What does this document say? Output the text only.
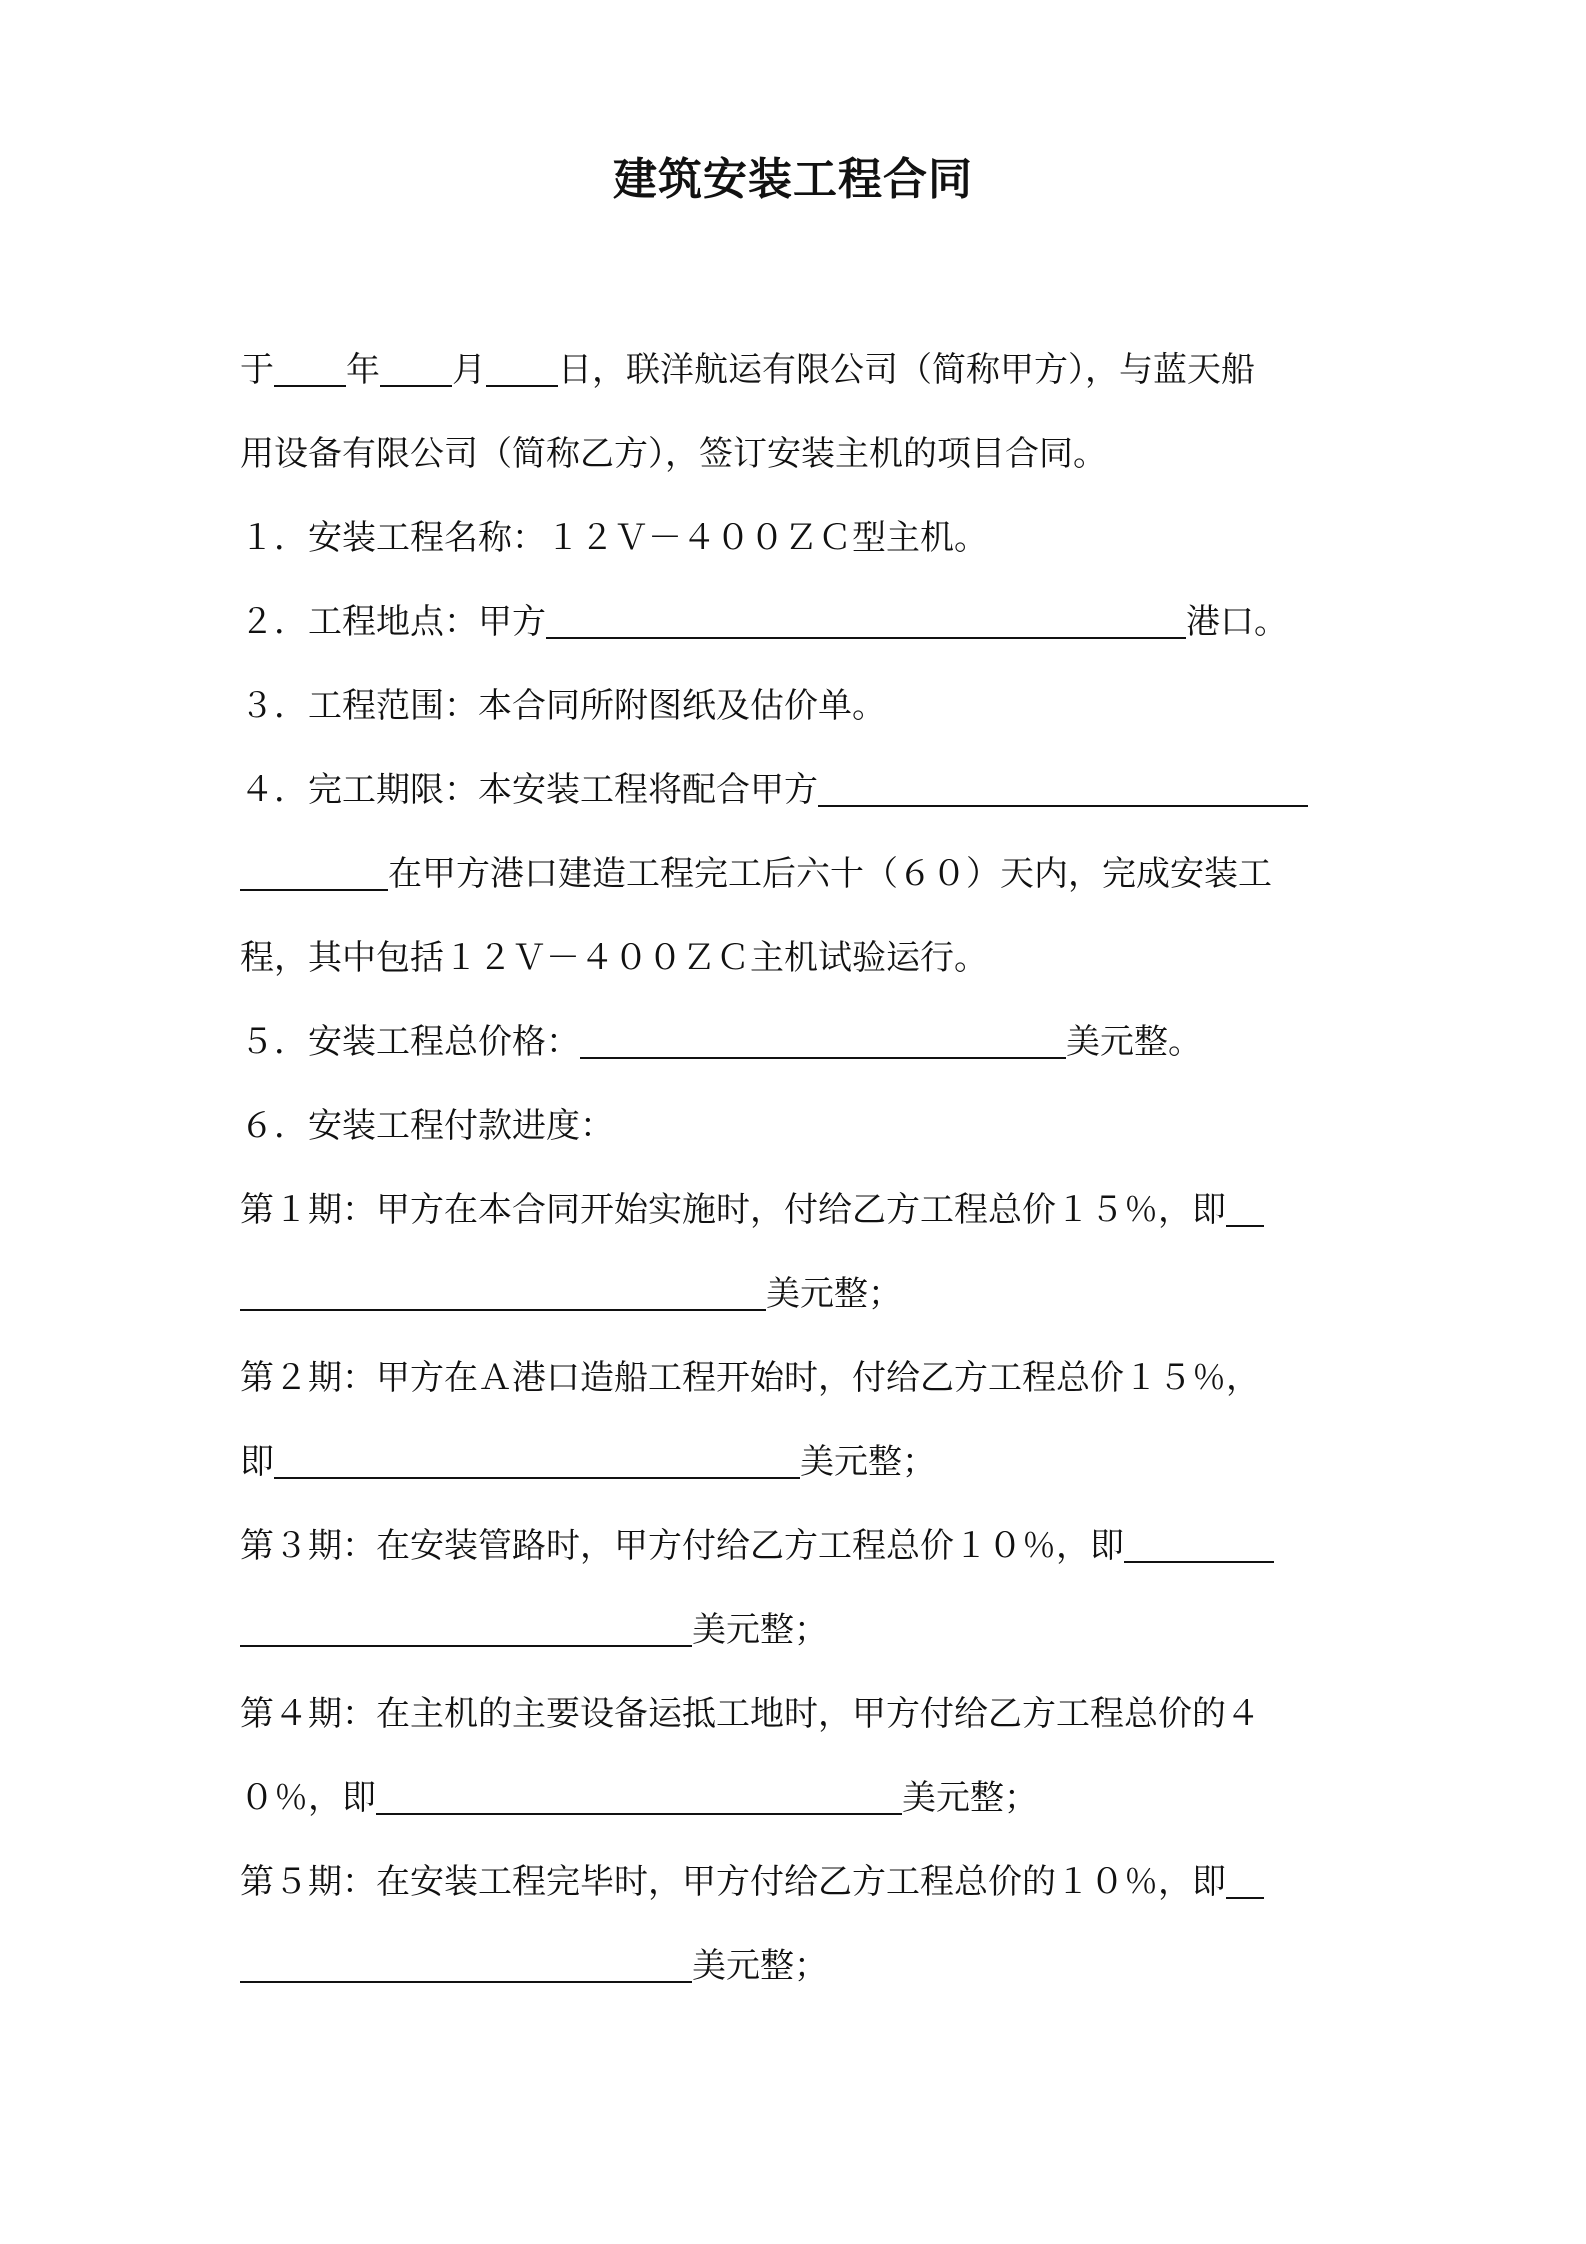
建筑安装工程合同
于 年 月 日，联洋航运有限公司（简称甲方），与蓝天船
用设备有限公司（简称乙方），签订安装主机的项目合同。
１．安装工程名称：１２Ｖ－４００ＺＣ型主机。
２．工程地点：甲方	港口。
３．工程范围：本合同所附图纸及估价单。
４．完工期限：本安装工程将配合甲方
在甲方港口建造工程完工后六十（６０）天内，完成安装工
程，其中包括１２Ｖ－４００ＺＣ主机试验运行。
５．安装工程总价格：	美元整。
６．安装工程付款进度：
第１期：甲方在本合同开始实施时，付给乙方工程总价１５％，即
美元整；
第２期：甲方在Ａ港口造船工程开始时，付给乙方工程总价１５％，
即	美元整；
第３期：在安装管路时，甲方付给乙方工程总价１０％，即
美元整；
第４期：在主机的主要设备运抵工地时，甲方付给乙方工程总价的４
０％，即	美元整；
第５期：在安装工程完毕时，甲方付给乙方工程总价的１０％，即
美元整；
